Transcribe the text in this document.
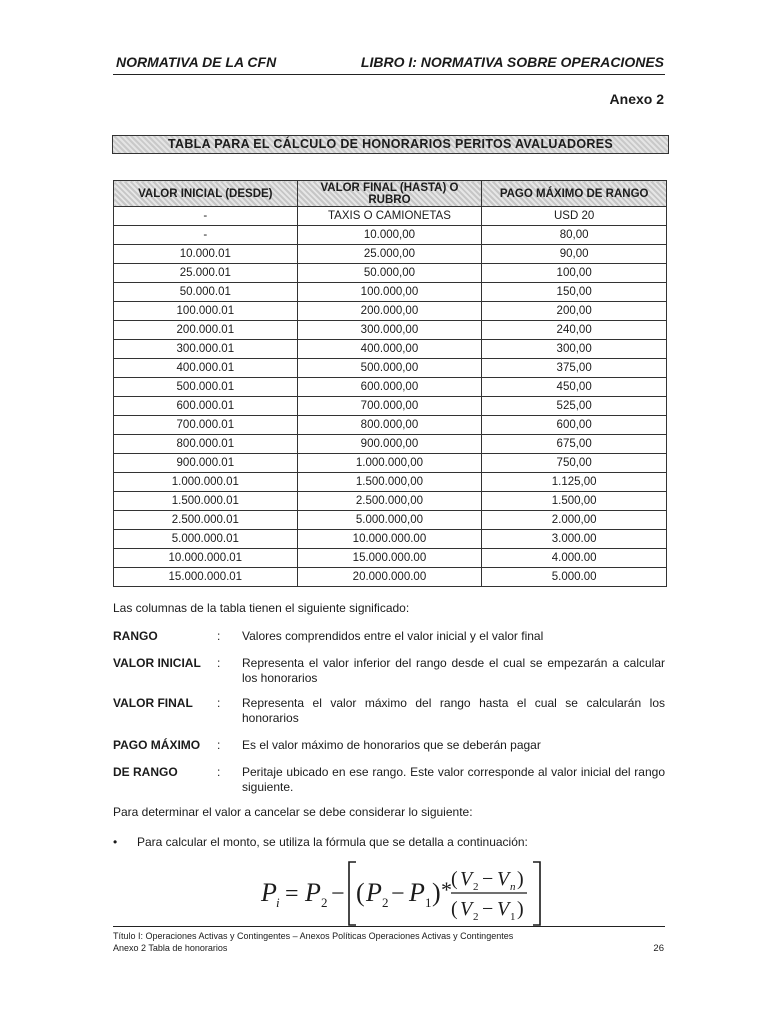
NORMATIVA DE LA CFN	LIBRO I: NORMATIVA SOBRE OPERACIONES
Anexo 2
TABLA PARA EL CÁLCULO DE HONORARIOS PERITOS AVALUADORES
VALOR INICIAL (DESDE)	VALOR FINAL (HASTA) O RUBRO	PAGO MÁXIMO DE RANGO
-	TAXIS O CAMIONETAS	USD 20
-	10.000,00	80,00
10.000.01	25.000,00	90,00
25.000.01	50.000,00	100,00
50.000.01	100.000,00	150,00
100.000.01	200.000,00	200,00
200.000.01	300.000,00	240,00
300.000.01	400.000,00	300,00
400.000.01	500.000,00	375,00
500.000.01	600.000,00	450,00
600.000.01	700.000,00	525,00
700.000.01	800.000,00	600,00
800.000.01	900.000,00	675,00
900.000.01	1.000.000,00	750,00
1.000.000.01	1.500.000,00	1.125,00
1.500.000.01	2.500.000,00	1.500,00
2.500.000.01	5.000.000,00	2.000,00
5.000.000.01	10.000.000.00	3.000.00
10.000.000.01	15.000.000.00	4.000.00
15.000.000.01	20.000.000.00	5.000.00
Las columnas de la tabla tienen el siguiente significado:
RANGO	: Valores comprendidos entre el valor inicial y el valor final
VALOR INICIAL	: Representa el valor inferior del rango desde el cual se empezarán a calcular los honorarios
VALOR FINAL	: Representa el valor máximo del rango hasta el cual se calcularán los honorarios
PAGO MÁXIMO	: Es el valor máximo de honorarios que se deberán pagar
DE RANGO	: Peritaje ubicado en ese rango. Este valor corresponde al valor inicial del rango siguiente.
Para determinar el valor a cancelar se debe considerar lo siguiente:
• Para calcular el monto, se utiliza la fórmula que se detalla a continuación:
P i = P 2 − ( P 2 − P 1 ) * ( V 2 − V n )
( V 2 − V 1 )
Título I: Operaciones Activas y Contingentes – Anexos Políticas Operaciones Activas y Contingentes
Anexo 2 Tabla de honorarios	26
